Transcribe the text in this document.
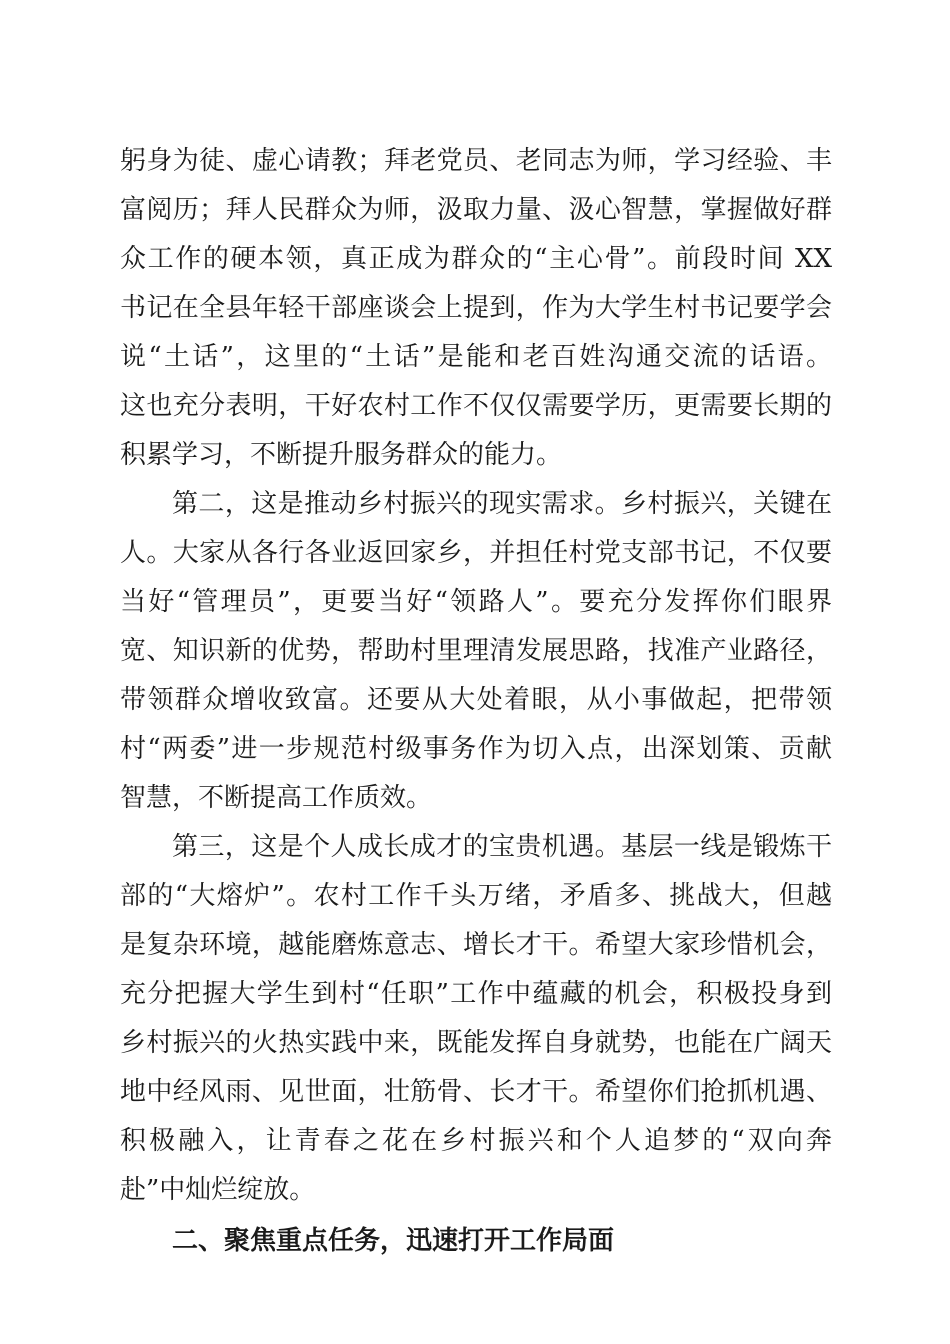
躬身为徒、虚心请教；拜老党员、老同志为师，学习经验、丰
富阅历；拜人民群众为师，汲取力量、汲心智慧，掌握做好群
众工作的硬本领，真正成为群众的“主心骨”。前段时间 XX
书记在全县年轻干部座谈会上提到，作为大学生村书记要学会
说“土话”，这里的“土话”是能和老百姓沟通交流的话语。
这也充分表明，干好农村工作不仅仅需要学历，更需要长期的
积累学习，不断提升服务群众的能力。
第二，这是推动乡村振兴的现实需求。乡村振兴，关键在
人。大家从各行各业返回家乡，并担任村党支部书记，不仅要
当好“管理员”，更要当好“领路人”。要充分发挥你们眼界
宽、知识新的优势，帮助村里理清发展思路，找准产业路径，
带领群众增收致富。还要从大处着眼，从小事做起，把带领
村“两委”进一步规范村级事务作为切入点，出深划策、贡献
智慧，不断提高工作质效。
第三，这是个人成长成才的宝贵机遇。基层一线是锻炼干
部的“大熔炉”。农村工作千头万绪，矛盾多、挑战大，但越
是复杂环境，越能磨炼意志、增长才干。希望大家珍惜机会，
充分把握大学生到村“任职”工作中蕴藏的机会，积极投身到
乡村振兴的火热实践中来，既能发挥自身就势，也能在广阔天
地中经风雨、见世面，壮筋骨、长才干。希望你们抢抓机遇、
积极融入，让青春之花在乡村振兴和个人追梦的“双向奔
赴”中灿烂绽放。
二、聚焦重点任务，迅速打开工作局面
